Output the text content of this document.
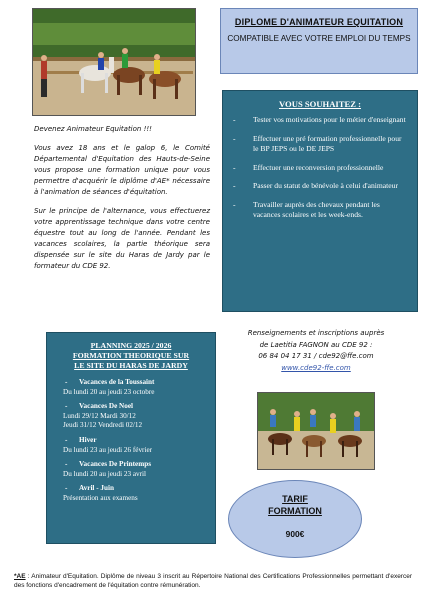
DIPLOME D'ANIMATEUR EQUITATION
COMPATIBLE AVEC VOTRE EMPLOI DU TEMPS
VOUS SOUHAITEZ :
- Tester vos motivations pour le métier d'enseignant
- Effectuer une pré formation professionnelle pour le BP JEPS ou le DE JEPS
- Effectuer une reconversion professionnelle
- Passer du statut de bénévole à celui d'animateur
- Travailler auprès des chevaux pendant les vacances scolaires et les week-ends.

Devenez Animateur Equitation !!!

Vous avez 18 ans et le galop 6, le Comité Départemental d'Equitation des Hauts-de-Seine vous propose une formation unique pour vous permettre d'acquérir le diplôme d'AE* nécessaire à l'animation de séances d'équitation.

Sur le principe de l'alternance, vous effectuerez votre apprentissage technique dans votre centre équestre tout au long de l'année. Pendant les vacances scolaires, la partie théorique sera dispensée sur le site du Haras de Jardy par le formateur du CDE 92.

PLANNING 2025 / 2026
FORMATION THEORIQUE SUR
LE SITE DU HARAS DE JARDY
- Vacances de la Toussaint
Du lundi 20 au jeudi 23 octobre
- Vacances De Noel
Lundi 29/12 Mardi 30/12
Jeudi 31/12 Vendredi 02/12
- Hiver
Du lundi 23 au jeudi 26 février
- Vacances De Printemps
Du lundi 20 au jeudi 23 avril
- Avril - Juin
Présentation aux examens
Renseignements et inscriptions auprès
de Laetitia FAGNON au CDE 92 :
06 84 04 17 31 / cde92@ffe.com
www.cde92-ffe.com
TARIF
FORMATION
900€
*AE : Animateur d'Equitation. Diplôme de niveau 3 inscrit au Répertoire National des Certifications Professionnelles permettant d'exercer des fonctions d'encadrement de l'équitation contre rémunération.
